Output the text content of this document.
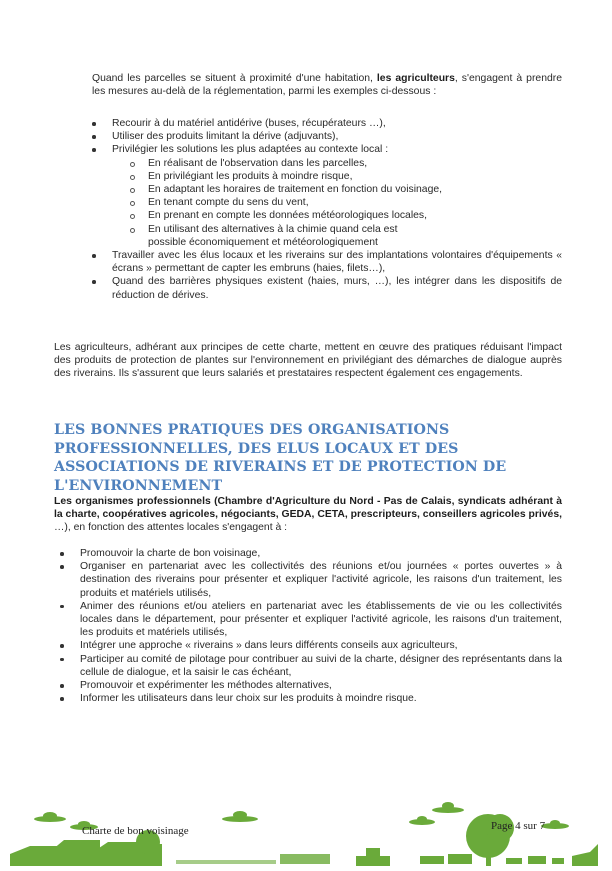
Quand les parcelles se situent à proximité d'une habitation, les agriculteurs, s'engagent à prendre les mesures au-delà de la réglementation, parmi les exemples ci-dessous :

Recourir à du matériel antidérive (buses, récupérateurs …),
Utiliser des produits limitant la dérive (adjuvants),
Privilégier les solutions les plus adaptées au contexte local :
En réalisant de l'observation dans les parcelles,
En privilégiant les produits à moindre risque,
En adaptant les horaires de traitement en fonction du voisinage,
En tenant compte du sens du vent,
En prenant en compte les données météorologiques locales,
En utilisant des alternatives à la chimie quand cela est possible économiquement et météorologiquement
Travailler avec les élus locaux et les riverains sur des implantations volontaires d'équipements « écrans » permettant de capter les embruns (haies, filets…),
Quand des barrières physiques existent (haies, murs, …), les intégrer dans les dispositifs de réduction de dérives.

Les agriculteurs, adhérant aux principes de cette charte, mettent en œuvre des pratiques réduisant l'impact des produits de protection de plantes sur l'environnement en privilégiant des démarches de dialogue auprès des riverains. Ils s'assurent que leurs salariés et prestataires respectent également ces engagements.

LES BONNES PRATIQUES DES ORGANISATIONS PROFESSIONNELLES, DES ELUS LOCAUX ET DES ASSOCIATIONS DE RIVERAINS ET DE PROTECTION DE L'ENVIRONNEMENT

Les organismes professionnels (Chambre d'Agriculture du Nord - Pas de Calais, syndicats adhérant à la charte, coopératives agricoles, négociants, GEDA, CETA, prescripteurs, conseillers agricoles privés, …), en fonction des attentes locales s'engagent à :

Promouvoir la charte de bon voisinage,
Organiser en partenariat avec les collectivités des réunions et/ou journées « portes ouvertes » à destination des riverains pour présenter et expliquer l'activité agricole, les raisons d'un traitement, les produits et matériels utilisés,
Animer des réunions et/ou ateliers en partenariat avec les établissements de vie ou les collectivités locales dans le département, pour présenter et expliquer l'activité agricole, les raisons d'un traitement, les produits et matériels utilisés,
Intégrer une approche « riverains » dans leurs différents conseils aux agriculteurs,
Participer au comité de pilotage pour contribuer au suivi de la charte, désigner des représentants dans la cellule de dialogue, et la saisir le cas échéant,
Promouvoir et expérimenter les méthodes alternatives,
Informer les utilisateurs dans leur choix sur les produits à moindre risque.
Charte de bon voisinage	Page 4 sur 7
